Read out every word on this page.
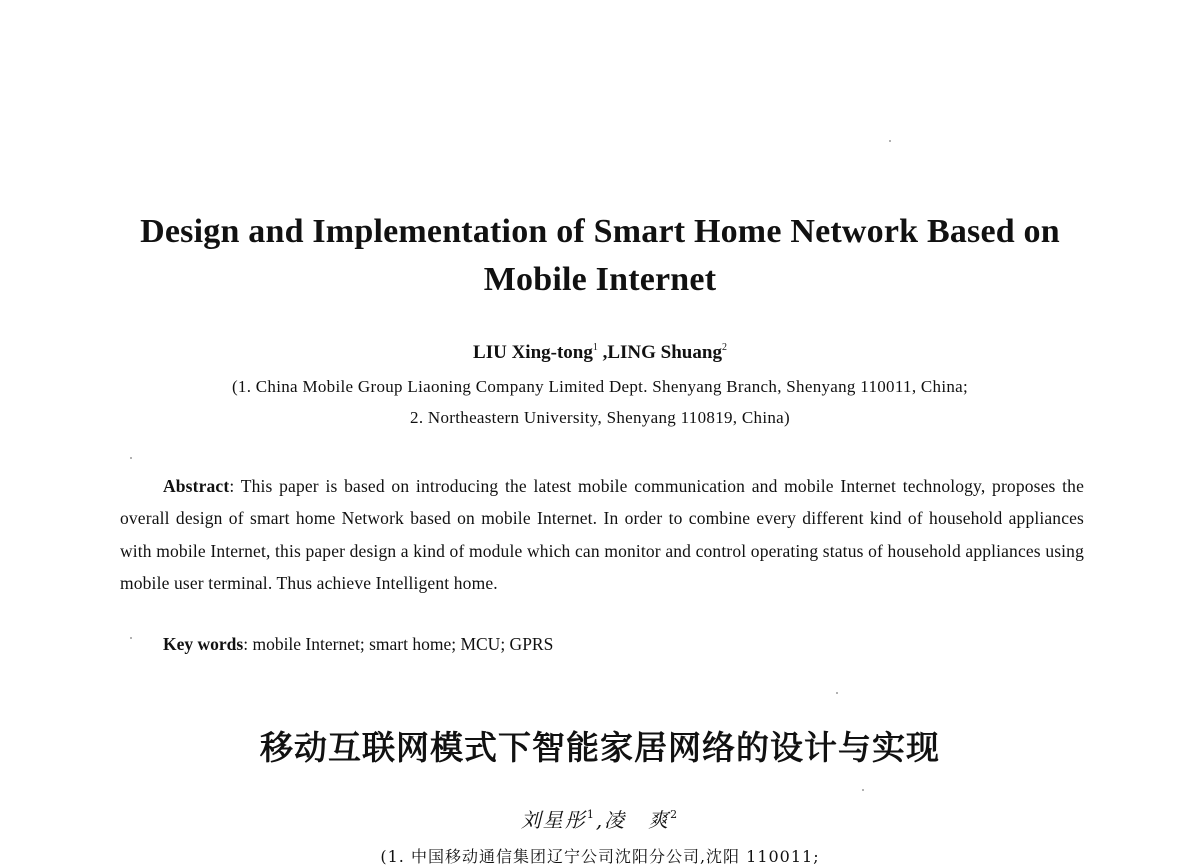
Design and Implementation of Smart Home Network Based on Mobile Internet
LIU Xing-tong$^1$ ,LING Shuang$^2$
(1. China Mobile Group Liaoning Company Limited Dept. Shenyang Branch, Shenyang 110011, China;
2. Northeastern University, Shenyang 110819, China)
Abstract: This paper is based on introducing the latest mobile communication and mobile Internet technology, proposes the overall design of smart home Network based on mobile Internet. In order to combine every different kind of household appliances with mobile Internet, this paper design a kind of module which can monitor and control operating status of household appliances using mobile user terminal. Thus achieve Intelligent home.
Key words: mobile Internet; smart home; MCU; GPRS
移动互联网模式下智能家居网络的设计与实现
刘星彤$^1$,凌　爽$^2$
(1. 中国移动通信集团辽宁公司沈阳分公司,沈阳 110011;
